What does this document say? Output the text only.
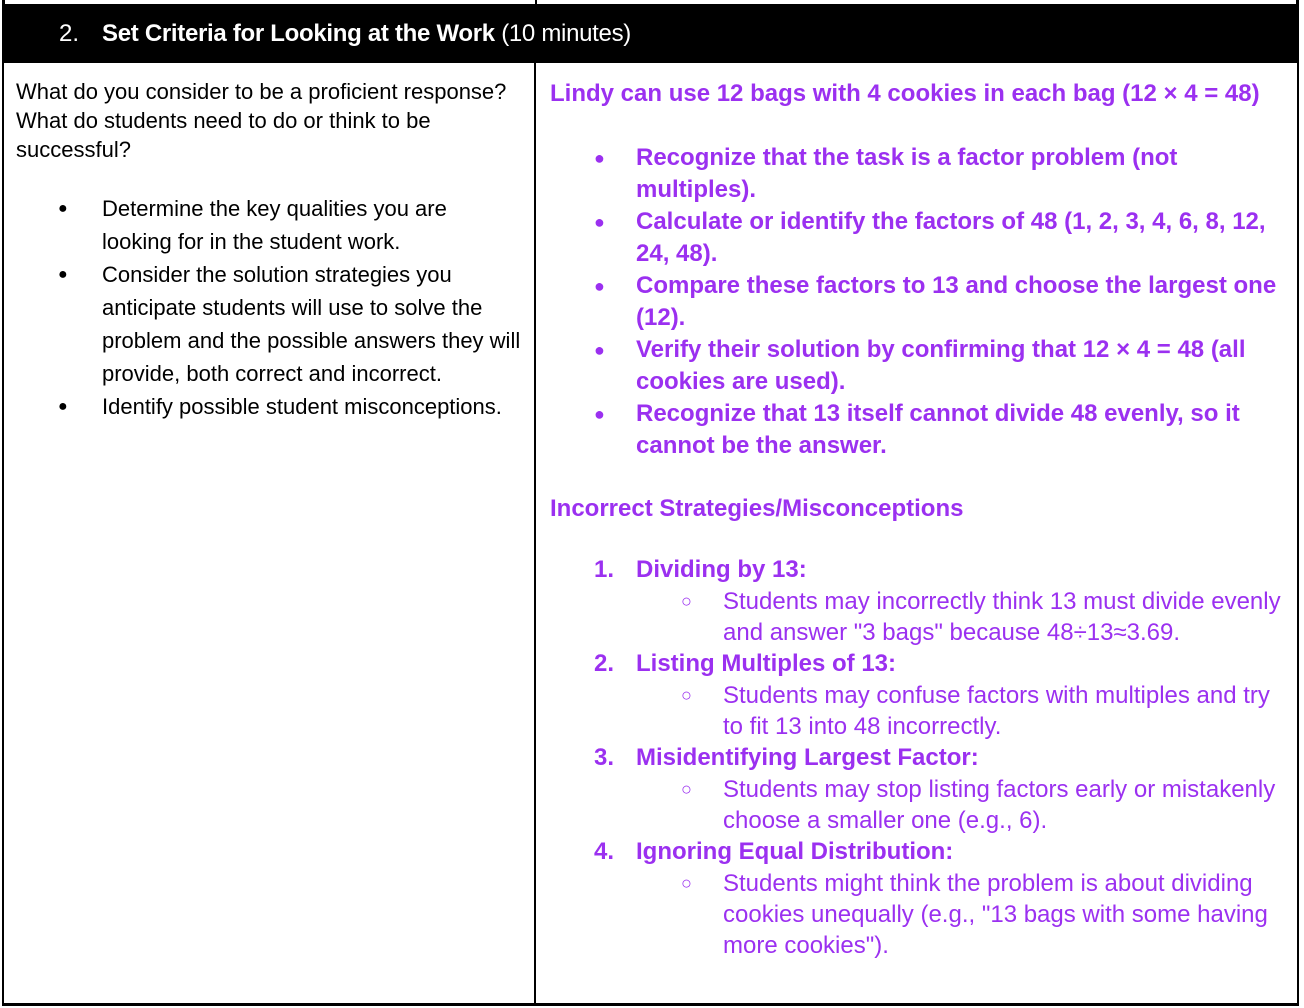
2. Set Criteria for Looking at the Work (10 minutes)

What do you consider to be a proficient response? What do students need to do or think to be successful?

● Determine the key qualities you are looking for in the student work.
● Consider the solution strategies you anticipate students will use to solve the problem and the possible answers they will provide, both correct and incorrect.
● Identify possible student misconceptions.

Lindy can use 12 bags with 4 cookies in each bag (12 × 4 = 48)

● Recognize that the task is a factor problem (not multiples).
● Calculate or identify the factors of 48 (1, 2, 3, 4, 6, 8, 12, 24, 48).
● Compare these factors to 13 and choose the largest one (12).
● Verify their solution by confirming that 12 × 4 = 48 (all cookies are used).
● Recognize that 13 itself cannot divide 48 evenly, so it cannot be the answer.
Incorrect Strategies/Misconceptions
1. Dividing by 13:
○ Students may incorrectly think 13 must divide evenly and answer "3 bags" because 48÷13≈3.69.
2. Listing Multiples of 13:
○ Students may confuse factors with multiples and try to fit 13 into 48 incorrectly.
3. Misidentifying Largest Factor:
○ Students may stop listing factors early or mistakenly choose a smaller one (e.g., 6).
4. Ignoring Equal Distribution:
○ Students might think the problem is about dividing cookies unequally (e.g., "13 bags with some having more cookies").
